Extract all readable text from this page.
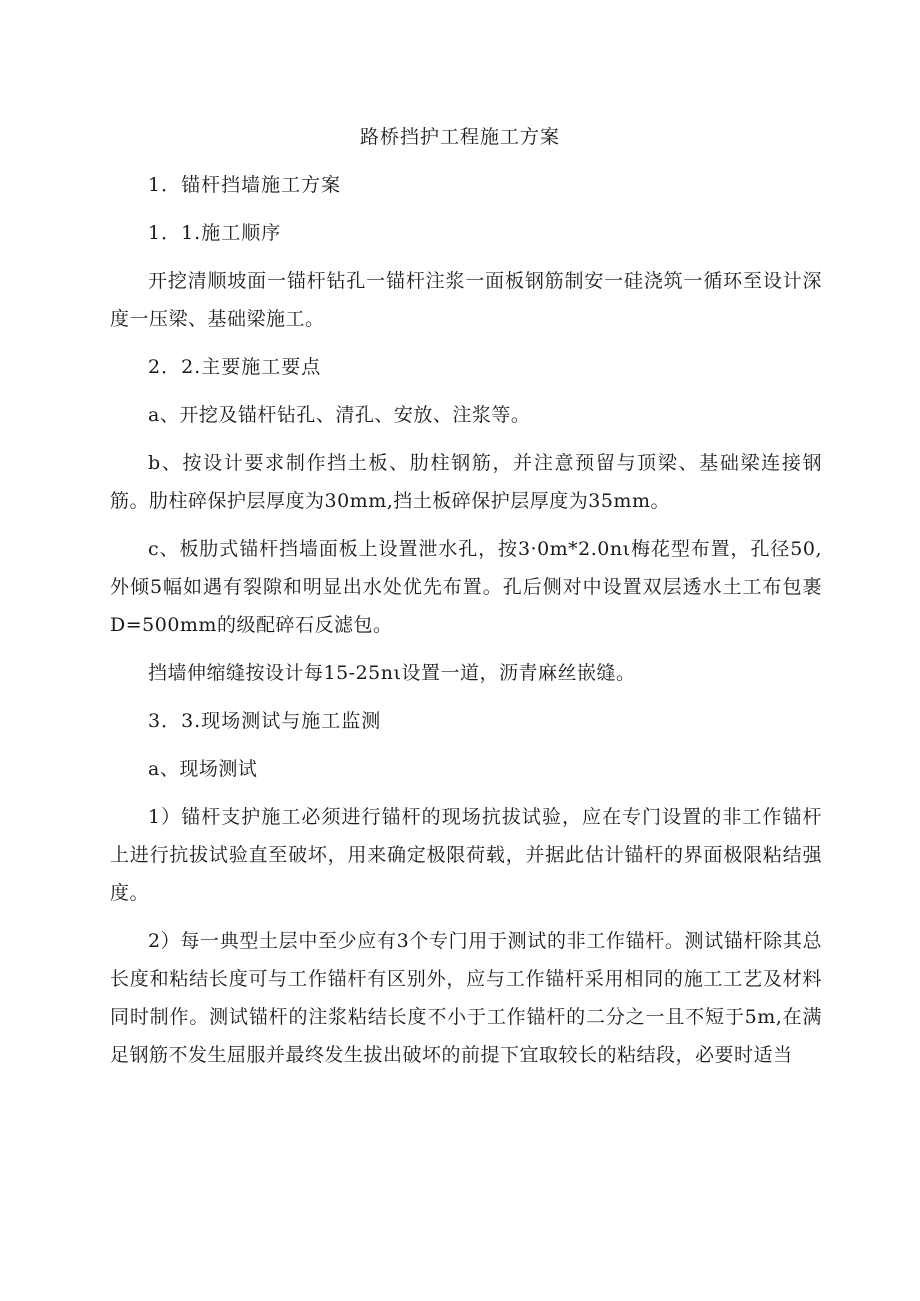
路桥挡护工程施工方案

1．锚杆挡墙施工方案

1．1.施工顺序

开挖清顺坡面一锚杆钻孔一锚杆注浆一面板钢筋制安一硅浇筑一循环至设计深度一压梁、基础梁施工。

2．2.主要施工要点

a、开挖及锚杆钻孔、清孔、安放、注浆等。

b、按设计要求制作挡土板、肋柱钢筋，并注意预留与顶梁、基础梁连接钢筋。肋柱碎保护层厚度为30mm,挡土板碎保护层厚度为35mm。

c、板肋式锚杆挡墙面板上设置泄水孔，按3·0m*2.0nι梅花型布置，孔径50,外倾5幅如遇有裂隙和明显出水处优先布置。孔后侧对中设置双层透水土工布包裹D=500mm的级配碎石反滤包。

挡墙伸缩缝按设计每15-25nι设置一道，沥青麻丝嵌缝。

3．3.现场测试与施工监测

a、现场测试

1）锚杆支护施工必须进行锚杆的现场抗拔试验，应在专门设置的非工作锚杆上进行抗拔试验直至破坏，用来确定极限荷载，并据此估计锚杆的界面极限粘结强度。

2）每一典型土层中至少应有3个专门用于测试的非工作锚杆。测试锚杆除其总长度和粘结长度可与工作锚杆有区别外，应与工作锚杆采用相同的施工工艺及材料同时制作。测试锚杆的注浆粘结长度不小于工作锚杆的二分之一且不短于5m,在满足钢筋不发生屈服并最终发生拔出破坏的前提下宜取较长的粘结段，必要时适当
